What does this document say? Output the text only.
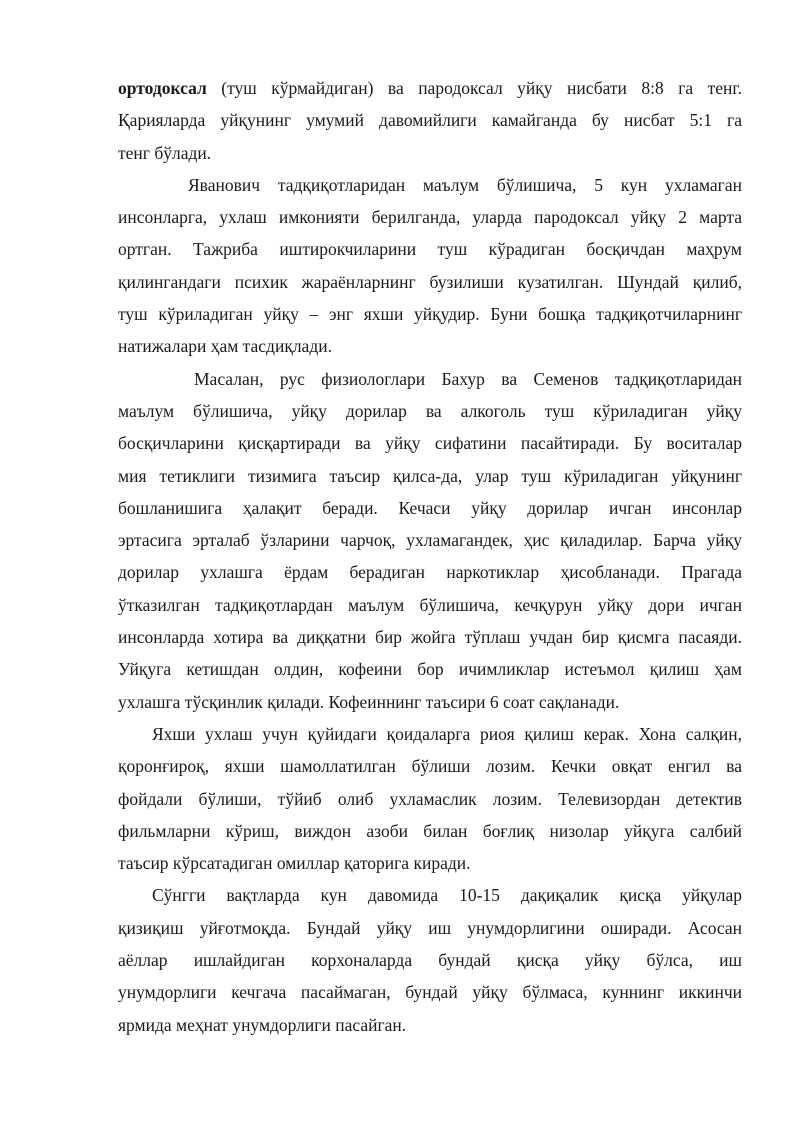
ортодоксал (туш кўрмайдиган) ва пародоксал уйқу нисбати 8:8 га тенг.
Қарияларда уйқунинг умумий давомийлиги камайганда бу нисбат 5:1 га
тенг бўлади.
Яванович тадқиқотларидан маълум бўлишича, 5 кун ухламаган
инсонларга, ухлаш имконияти берилганда, уларда пародоксал уйқу 2 марта
ортган. Тажриба иштирокчиларини туш кўрадиган босқичдан маҳрум
қилингандаги психик жараёнларнинг бузилиши кузатилган. Шундай қилиб,
туш кўриладиган уйқу – энг яхши уйқудир. Буни бошқа тадқиқотчиларнинг
натижалари ҳам тасдиқлади.
Масалан, рус физиологлари Бахур ва Семенов тадқиқотларидан
маълум бўлишича, уйқу дорилар ва алкоголь туш кўриладиган уйқу
босқичларини қисқартиради ва уйқу сифатини пасайтиради. Бу воситалар
мия тетиклиги тизимига таъсир қилса-да, улар туш кўриладиган уйқунинг
бошланишига ҳалақит беради. Кечаси уйқу дорилар ичган инсонлар
эртасига эрталаб ўзларини чарчоқ, ухламагандек, ҳис қиладилар. Барча уйқу
дорилар ухлашга ёрдам берадиган наркотиклар ҳисобланади. Прагада
ўтказилган тадқиқотлардан маълум бўлишича, кечқурун уйқу дори ичган
инсонларда хотира ва диққатни бир жойга тўплаш учдан бир қисмга пасаяди.
Уйқуга кетишдан олдин, кофеини бор ичимликлар истеъмол қилиш ҳам
ухлашга тўсқинлик қилади. Кофеиннинг таъсири 6 соат сақланади.
Яхши ухлаш учун қуйидаги қоидаларга риоя қилиш керак. Хона салқин,
қоронғироқ, яхши шамоллатилган бўлиши лозим. Кечки овқат енгил ва
фойдали бўлиши, тўйиб олиб ухламаслик лозим. Телевизордан детектив
фильмларни кўриш, виждон азоби билан боғлиқ низолар уйқуга салбий
таъсир кўрсатадиган омиллар қаторига киради.
Сўнгги вақтларда кун давомида 10-15 дақиқалик қисқа уйқулар
қизиқиш уйғотмоқда. Бундай уйқу иш унумдорлигини оширади. Асосан
аёллар ишлайдиган корхоналарда бундай қисқа уйқу бўлса, иш
унумдорлиги кечгача пасаймаган, бундай уйқу бўлмаса, куннинг иккинчи
ярмида меҳнат унумдорлиги пасайган.
